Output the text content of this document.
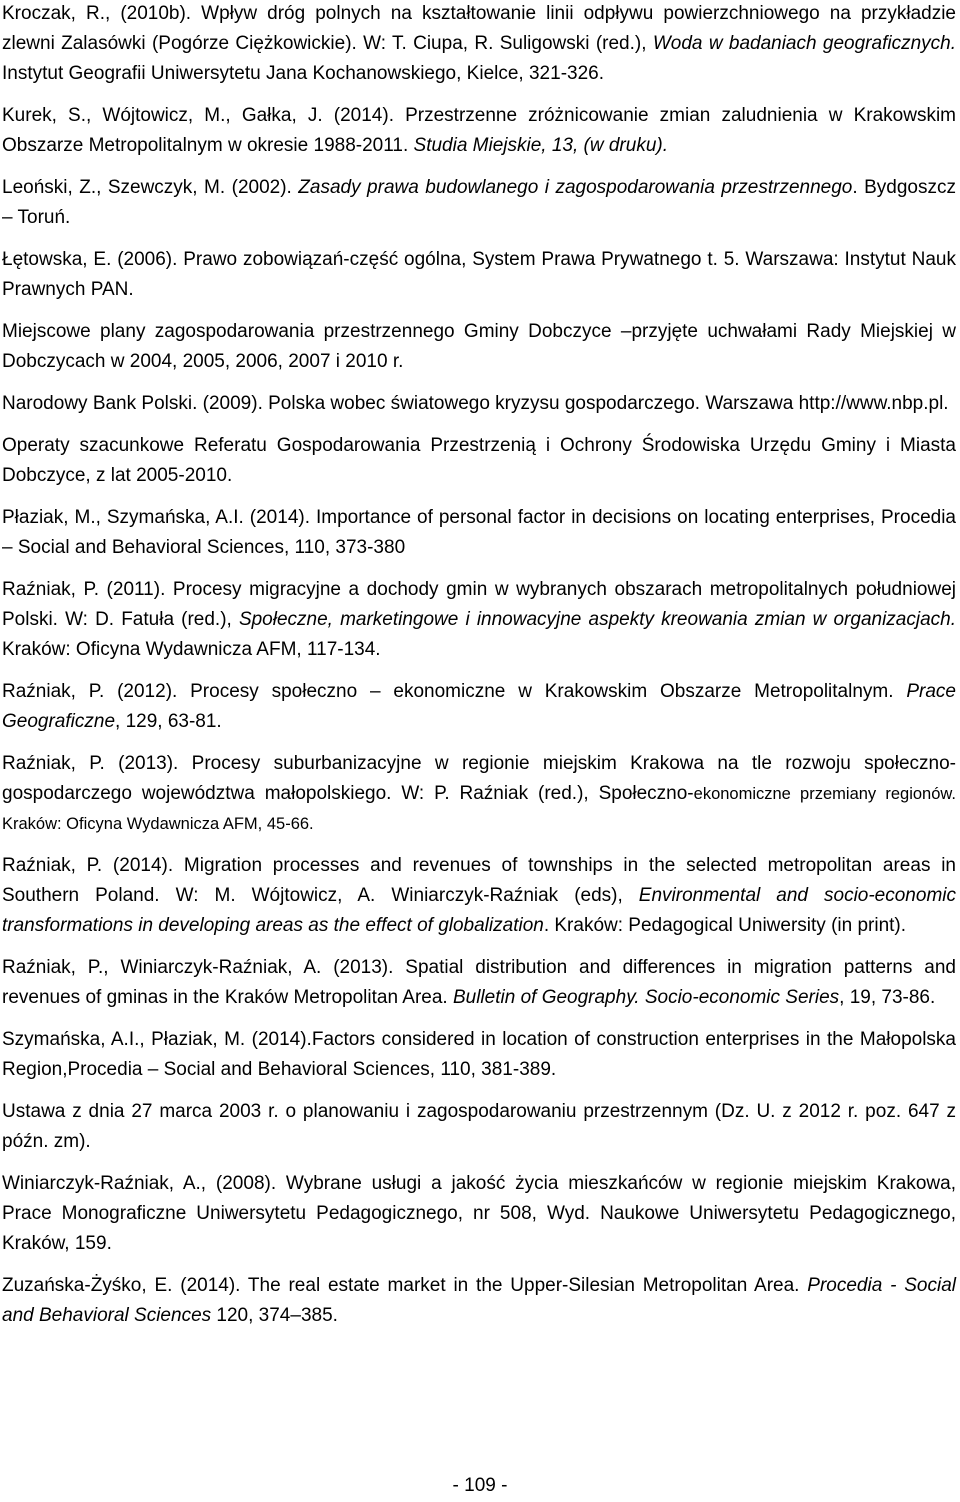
Kroczak, R., (2010b). Wpływ dróg polnych na kształtowanie linii odpływu powierzchniowego na przykładzie zlewni Zalasówki (Pogórze Ciężkowickie). W: T. Ciupa, R. Suligowski (red.), Woda w badaniach geograficznych. Instytut Geografii Uniwersytetu Jana Kochanowskiego, Kielce, 321-326.

Kurek, S., Wójtowicz, M., Gałka, J. (2014). Przestrzenne zróżnicowanie zmian zaludnienia w Krakowskim Obszarze Metropolitalnym w okresie 1988-2011. Studia Miejskie, 13, (w druku).

Leoński, Z., Szewczyk, M. (2002). Zasady prawa budowlanego i zagospodarowania przestrzennego. Bydgoszcz – Toruń.

Łętowska, E. (2006). Prawo zobowiązań-część ogólna, System Prawa Prywatnego t. 5. Warszawa: Instytut Nauk Prawnych PAN.

Miejscowe plany zagospodarowania przestrzennego Gminy Dobczyce –przyjęte uchwałami Rady Miejskiej w Dobczycach w 2004, 2005, 2006, 2007 i 2010 r.

Narodowy Bank Polski. (2009). Polska wobec światowego kryzysu gospodarczego. Warszawa http://www.nbp.pl.

Operaty szacunkowe Referatu Gospodarowania Przestrzenią i Ochrony Środowiska Urzędu Gminy i Miasta Dobczyce, z lat 2005-2010.

Płaziak, M., Szymańska, A.I. (2014). Importance of personal factor in decisions on locating enterprises, Procedia – Social and Behavioral Sciences, 110, 373-380

Raźniak, P. (2011). Procesy migracyjne a dochody gmin w wybranych obszarach metropolitalnych południowej Polski. W: D. Fatuła (red.), Społeczne, marketingowe i innowacyjne aspekty kreowania zmian w organizacjach. Kraków: Oficyna Wydawnicza AFM, 117-134.

Raźniak, P. (2012). Procesy społeczno – ekonomiczne w Krakowskim Obszarze Metropolitalnym. Prace Geograficzne, 129, 63-81.

Raźniak, P. (2013). Procesy suburbanizacyjne w regionie miejskim Krakowa na tle rozwoju społeczno-gospodarczego województwa małopolskiego. W: P. Raźniak (red.), Społeczno-ekonomiczne przemiany regionów. Kraków: Oficyna Wydawnicza AFM, 45-66.

Raźniak, P. (2014). Migration processes and revenues of townships in the selected metropolitan areas in Southern Poland. W: M. Wójtowicz, A. Winiarczyk-Raźniak (eds), Environmental and socio-economic transformations in developing areas as the effect of globalization. Kraków: Pedagogical Uniwersity (in print).

Raźniak, P., Winiarczyk-Raźniak, A. (2013). Spatial distribution and differences in migration patterns and revenues of gminas in the Kraków Metropolitan Area. Bulletin of Geography. Socio-economic Series, 19, 73-86.

Szymańska, A.I., Płaziak, M. (2014).Factors considered in location of construction enterprises in the Małopolska Region,Procedia – Social and Behavioral Sciences, 110, 381-389.

Ustawa z dnia 27 marca 2003 r. o planowaniu i zagospodarowaniu przestrzennym (Dz. U. z 2012 r. poz. 647 z późn. zm).

Winiarczyk-Raźniak, A., (2008). Wybrane usługi a jakość życia mieszkańców w regionie miejskim Krakowa, Prace Monograficzne Uniwersytetu Pedagogicznego, nr 508, Wyd. Naukowe Uniwersytetu Pedagogicznego, Kraków, 159.

Zuzańska-Żyśko, E. (2014). The real estate market in the Upper-Silesian Metropolitan Area. Procedia - Social and Behavioral Sciences 120, 374–385.

- 109 -
